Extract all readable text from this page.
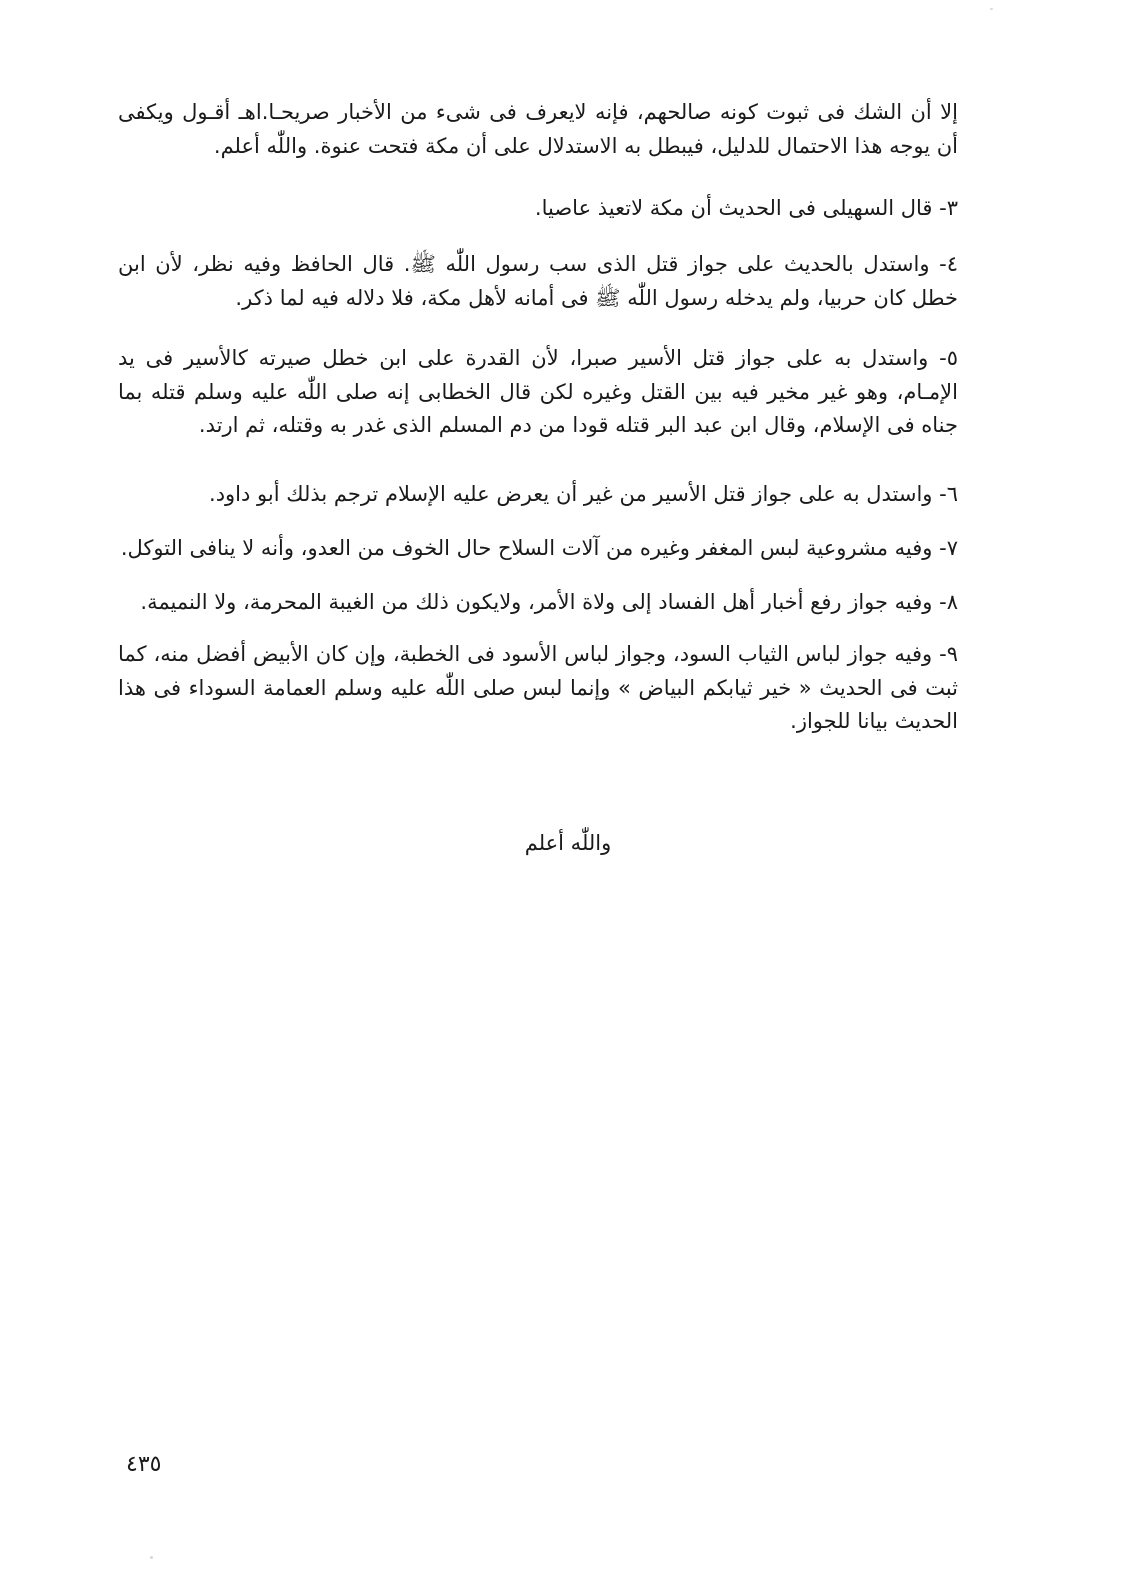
إلا أن الشك فى ثبوت كونه صالحهم، فإنه لايعرف فى شىء من الأخبار صريحـا.اهـ أقـول ويكفى أن يوجه هذا الاحتمال للدليل، فيبطل به الاستدلال على أن مكة فتحت عنوة. واللّٰه أعلم.

٣- قال السهيلى فى الحديث أن مكة لاتعيذ عاصيا.

٤- واستدل بالحديث على جواز قتل الذى سب رسول اللّٰه ﷺ. قال الحافظ وفيه نظر، لأن ابن خطل كان حربيا، ولم يدخله رسول اللّٰه ﷺ فى أمانه لأهل مكة، فلا دلاله فيه لما ذكر.

٥- واستدل به على جواز قتل الأسير صبرا، لأن القدرة على ابن خطل صيرته كالأسير فى يد الإمـام، وهو غير مخير فيه بين القتل وغيره لكن قال الخطابى إنه صلى اللّٰه عليه وسلم قتله بما جناه فى الإسلام، وقال ابن عبد البر قتله قودا من دم المسلم الذى غدر به وقتله، ثم ارتد.

٦- واستدل به على جواز قتل الأسير من غير أن يعرض عليه الإسلام ترجم بذلك أبو داود.

٧- وفيه مشروعية لبس المغفر وغيره من آلات السلاح حال الخوف من العدو، وأنه لا ينافى التوكل.

٨- وفيه جواز رفع أخبار أهل الفساد إلى ولاة الأمر، ولايكون ذلك من الغيبة المحرمة، ولا النميمة.

٩- وفيه جواز لباس الثياب السود، وجواز لباس الأسود فى الخطبة، وإن كان الأبيض أفضل منه، كما ثبت فى الحديث « خير ثيابكم البياض » وإنما لبس صلى اللّٰه عليه وسلم العمامة السوداء فى هذا الحديث بيانا للجواز.

واللّٰه أعلم
٤٣٥
